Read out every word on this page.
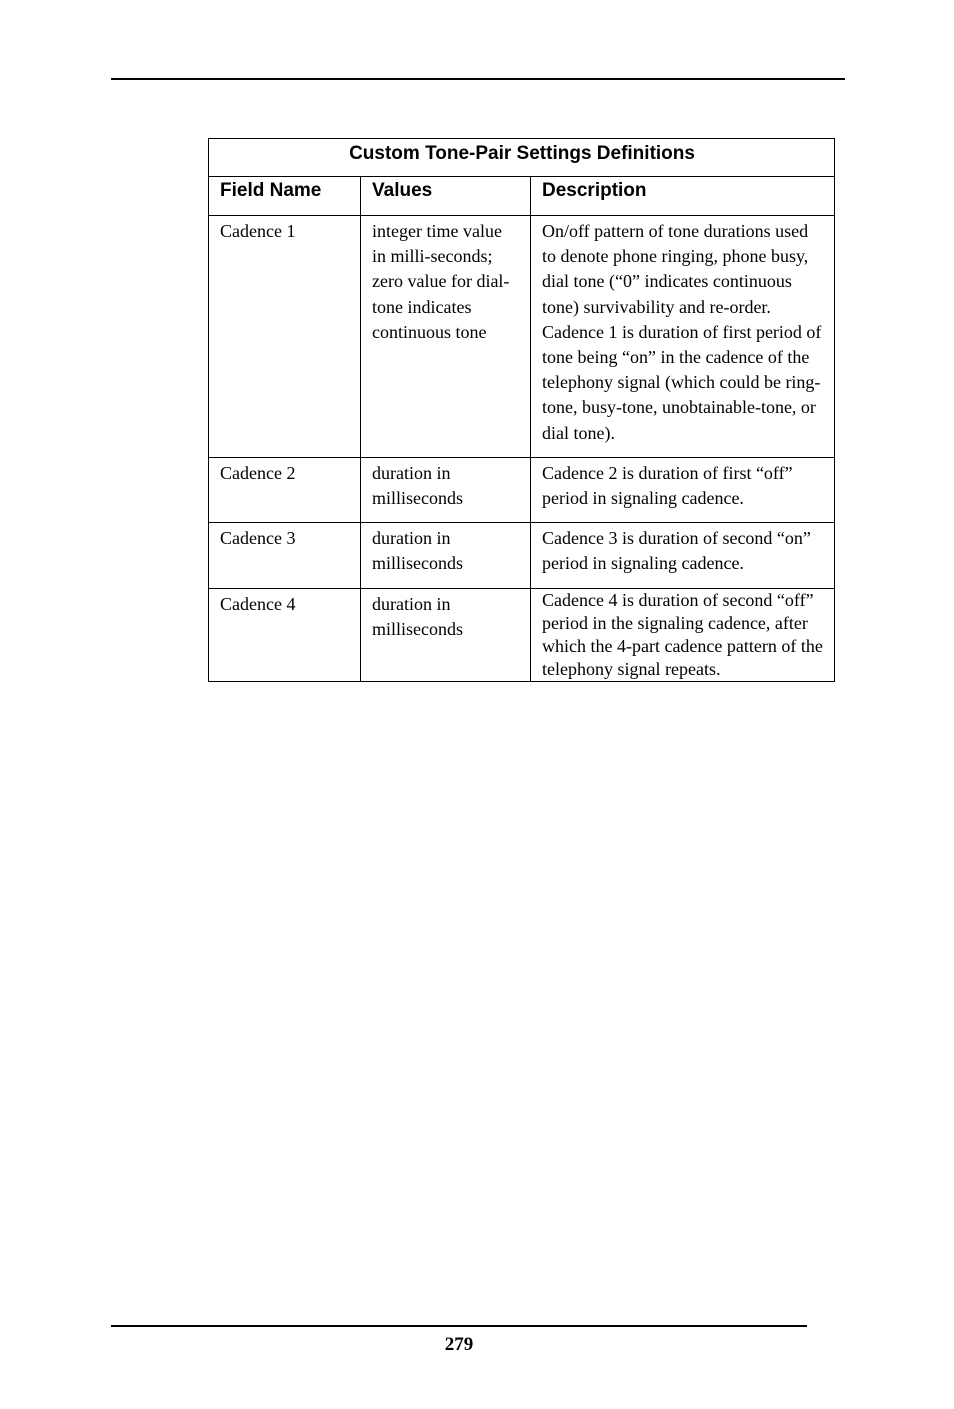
Custom Tone-Pair Settings Definitions		
Field Name	Values	Description
Cadence 1	integer time value in milli-seconds; zero value for dial-tone indicates continuous tone	On/off pattern of tone durations used to denote phone ringing, phone busy, dial tone (“0” indicates continuous tone) survivability and re-order. Cadence 1 is duration of first period of tone being “on” in the cadence of the telephony signal (which could be ring-tone, busy-tone, unobtainable-tone, or dial tone).
Cadence 2	duration in milliseconds	Cadence 2 is duration of first “off” period in signaling cadence.
Cadence 3	duration in milliseconds	Cadence 3 is duration of second “on” period in signaling cadence.
Cadence 4	duration in milliseconds	Cadence 4 is duration of second “off” period in the signaling cadence, after which the 4-part cadence pattern of the telephony signal repeats.
279
